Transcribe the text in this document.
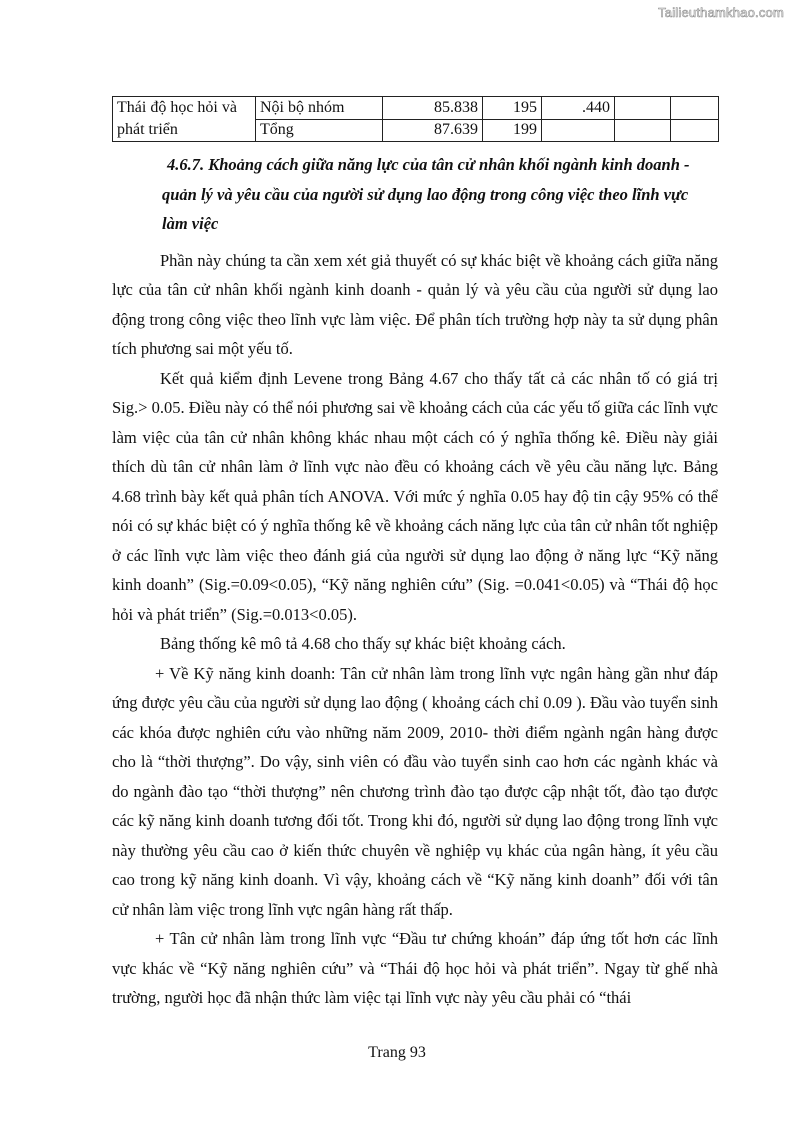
Tailieuthamkhao.com
Thái độ học hỏi và	Nội bộ nhóm	85.838	195	.440		
phát triển	Tổng	87.639	199			
4.6.7. Khoảng cách giữa năng lực của tân cử nhân khối ngành kinh doanh -
quản lý và yêu cầu của người sử dụng lao động trong công việc theo lĩnh vực
làm việc

Phần này chúng ta cần xem xét giả thuyết có sự khác biệt về khoảng cách giữa năng lực của tân cử nhân khối ngành kinh doanh - quản lý và yêu cầu của người sử dụng lao động trong công việc theo lĩnh vực làm việc. Để phân tích trường hợp này ta sử dụng phân tích phương sai một yếu tố.

Kết quả kiểm định Levene trong Bảng 4.67 cho thấy tất cả các nhân tố có giá trị Sig.> 0.05. Điều này có thể nói phương sai về khoảng cách của các yếu tố giữa các lĩnh vực làm việc của tân cử nhân không khác nhau một cách có ý nghĩa thống kê. Điều này giải thích dù tân cử nhân làm ở lĩnh vực nào đều có khoảng cách về yêu cầu năng lực. Bảng 4.68 trình bày kết quả phân tích ANOVA. Với mức ý nghĩa 0.05 hay độ tin cậy 95% có thể nói có sự khác biệt có ý nghĩa thống kê về khoảng cách năng lực của tân cử nhân tốt nghiệp ở các lĩnh vực làm việc theo đánh giá của người sử dụng lao động ở năng lực “Kỹ năng kinh doanh” (Sig.=0.09<0.05), “Kỹ năng nghiên cứu” (Sig. =0.041<0.05) và “Thái độ học hỏi và phát triển” (Sig.=0.013<0.05).

Bảng thống kê mô tả 4.68 cho thấy sự khác biệt khoảng cách.

+ Về Kỹ năng kinh doanh: Tân cử nhân làm trong lĩnh vực ngân hàng gần như đáp ứng được yêu cầu của người sử dụng lao động ( khoảng cách chỉ 0.09 ). Đầu vào tuyển sinh các khóa được nghiên cứu vào những năm 2009, 2010- thời điểm ngành ngân hàng được cho là “thời thượng”. Do vậy, sinh viên có đầu vào tuyển sinh cao hơn các ngành khác và do ngành đào tạo “thời thượng” nên chương trình đào tạo được cập nhật tốt, đào tạo được các kỹ năng kinh doanh tương đối tốt. Trong khi đó, người sử dụng lao động trong lĩnh vực này thường yêu cầu cao ở kiến thức chuyên về nghiệp vụ khác của ngân hàng, ít yêu cầu cao trong kỹ năng kinh doanh. Vì vậy, khoảng cách về “Kỹ năng kinh doanh” đối với tân cử nhân làm việc trong lĩnh vực ngân hàng rất thấp.

+ Tân cử nhân làm trong lĩnh vực “Đầu tư chứng khoán” đáp ứng tốt hơn các lĩnh vực khác về “Kỹ năng nghiên cứu” và “Thái độ học hỏi và phát triển”. Ngay từ ghế nhà trường, người học đã nhận thức làm việc tại lĩnh vực này yêu cầu phải có “thái

Trang 93
